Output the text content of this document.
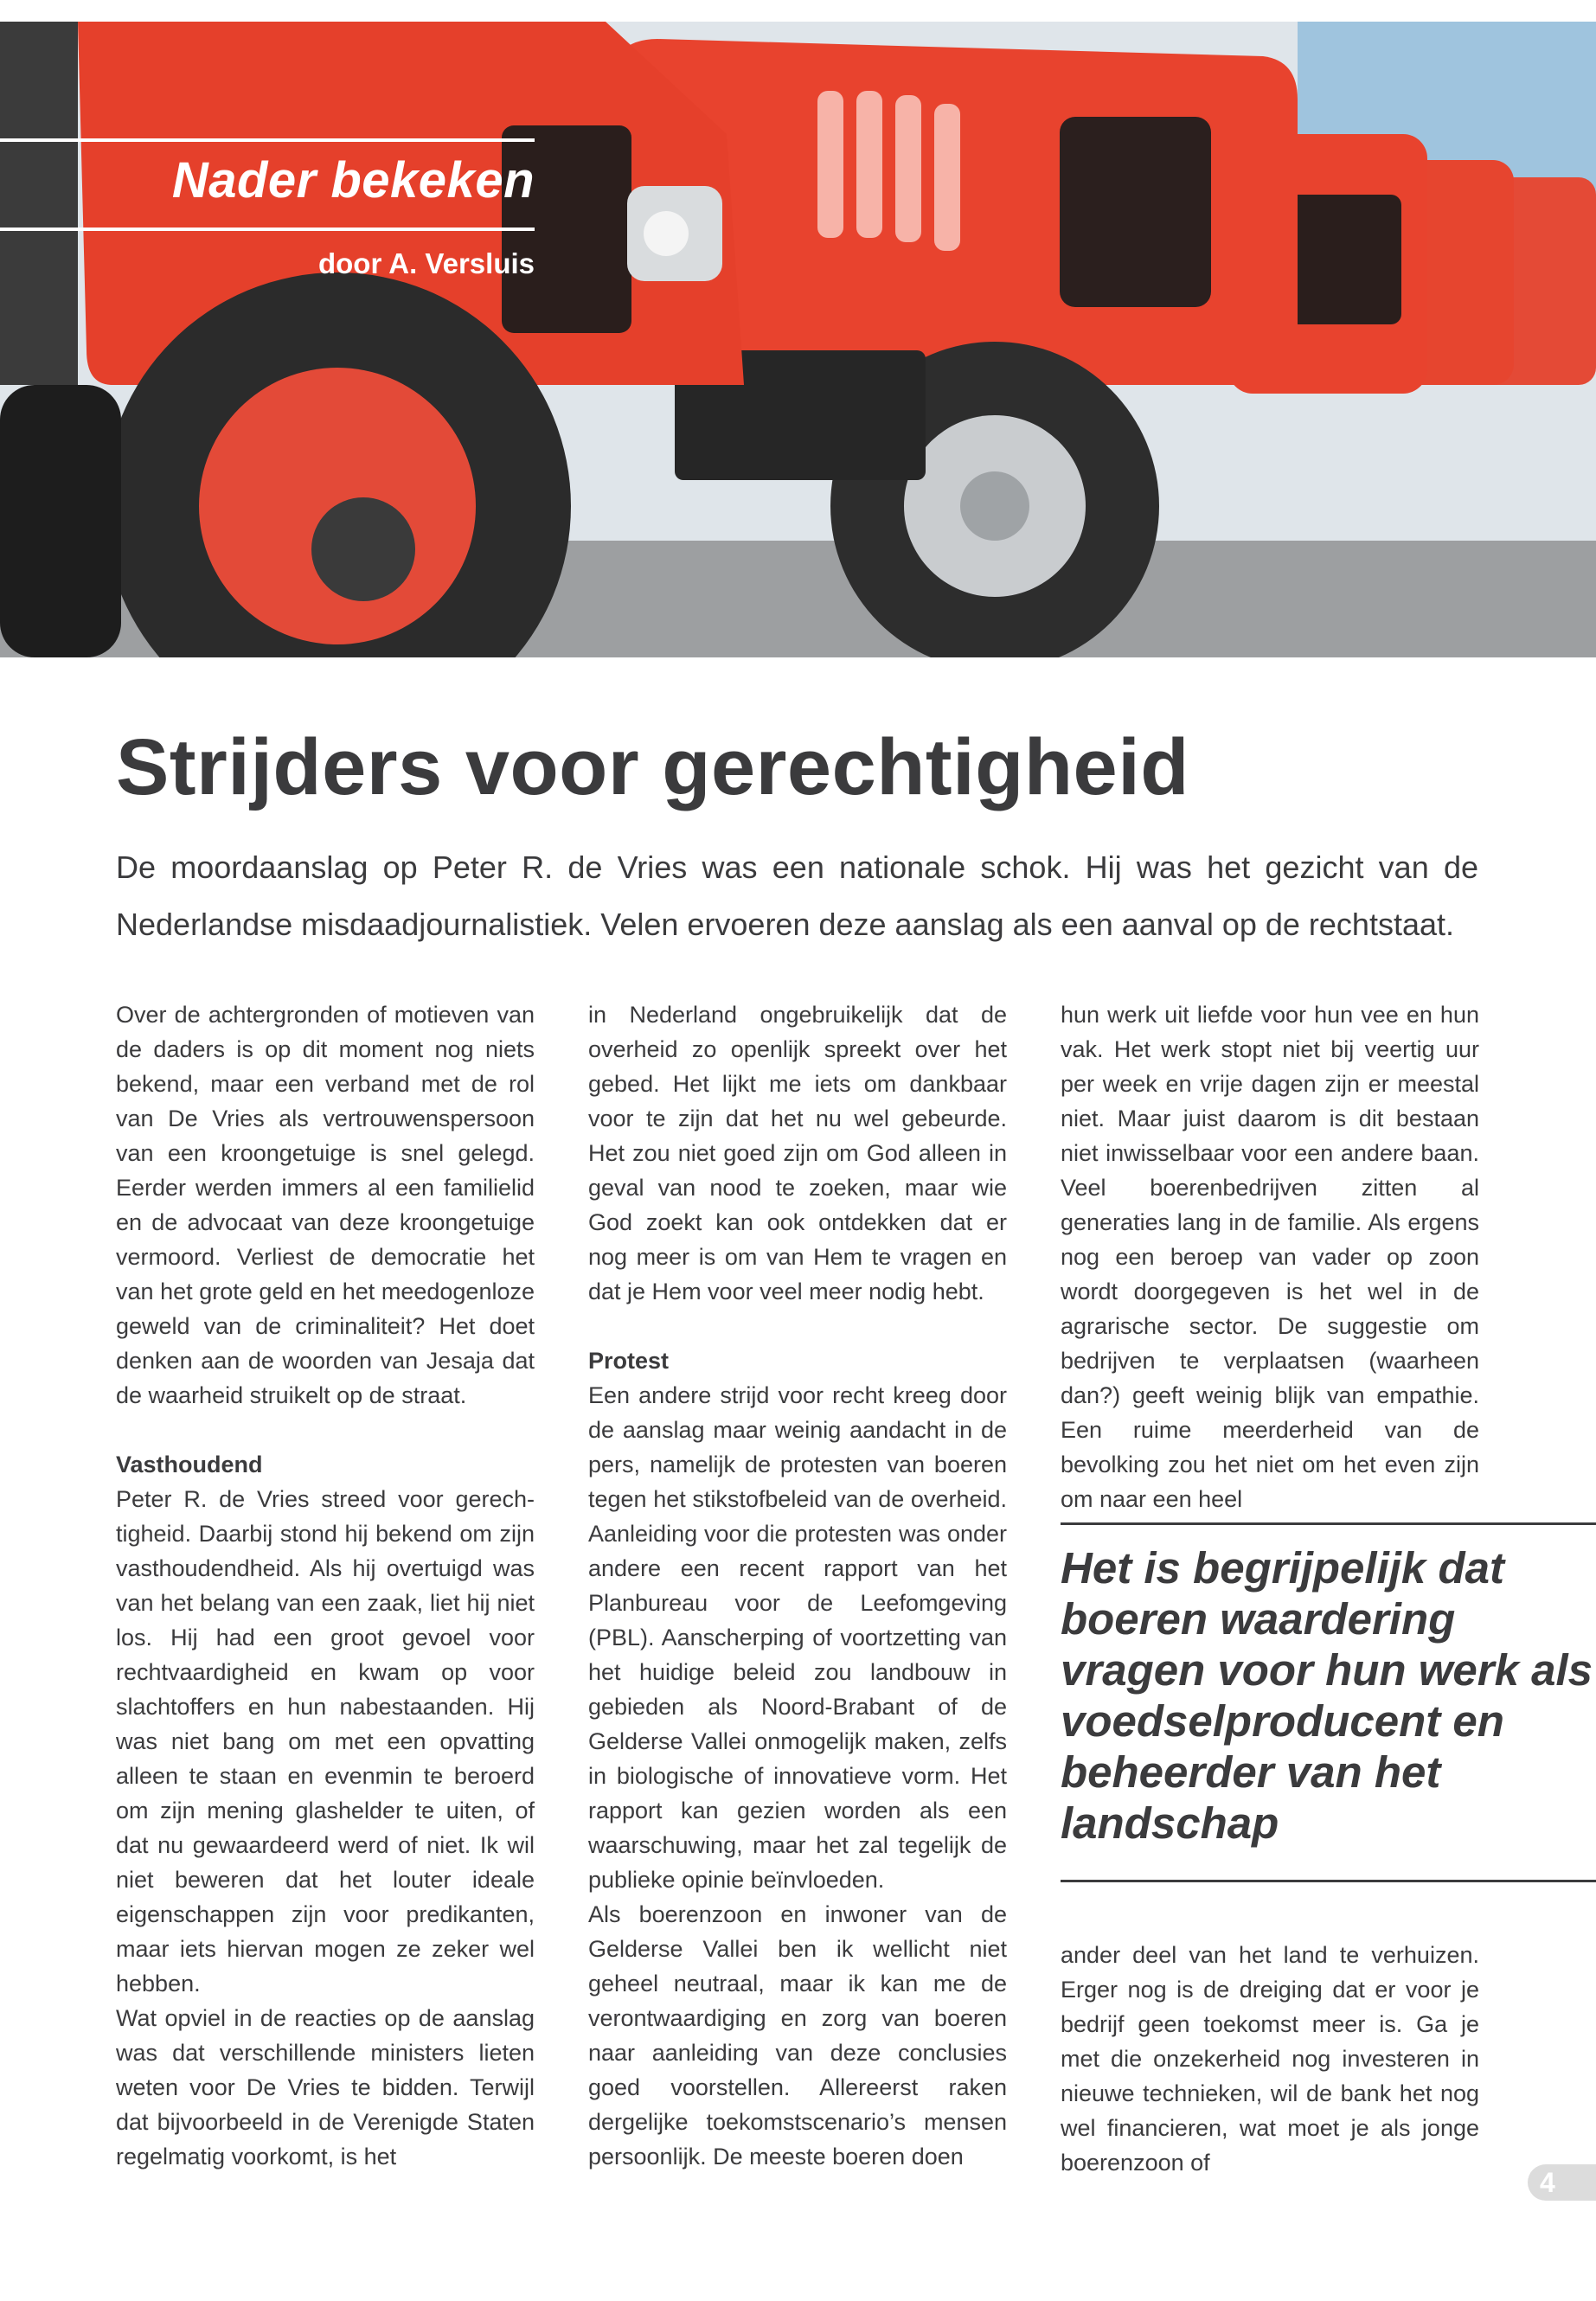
Nader bekeken
door A. Versluis
Strijders voor gerechtigheid

De moordaanslag op Peter R. de Vries was een nationale schok. Hij was het gezicht van de Nederlandse misdaadjournalistiek. Velen ervoeren deze aanslag als een aanval op de rechtstaat.

Over de achtergronden of motieven van de daders is op dit moment nog niets bekend, maar een verband met de rol van De Vries als vertrouwenspersoon van een kroongetuige is snel gelegd. Eerder werden immers al een familielid en de advocaat van deze kroongetuige vermoord. Verliest de democratie het van het grote geld en het meedogenloze geweld van de criminaliteit? Het doet denken aan de woorden van Jesaja dat de waarheid struikelt op de straat.

Vasthoudend

Peter R. de Vries streed voor gerech-tigheid. Daarbij stond hij bekend om zijn vasthoudendheid. Als hij overtuigd was van het belang van een zaak, liet hij niet los. Hij had een groot gevoel voor rechtvaardigheid en kwam op voor slachtoffers en hun nabestaanden. Hij was niet bang om met een opvatting alleen te staan en evenmin te beroerd om zijn mening glashelder te uiten, of dat nu gewaardeerd werd of niet. Ik wil niet beweren dat het louter ideale eigenschappen zijn voor predikanten, maar iets hiervan mogen ze zeker wel hebben.

Wat opviel in de reacties op de aanslag was dat verschillende ministers lieten weten voor De Vries te bidden. Terwijl dat bijvoorbeeld in de Verenigde Staten regelmatig voorkomt, is het

in Nederland ongebruikelijk dat de overheid zo openlijk spreekt over het gebed. Het lijkt me iets om dankbaar voor te zijn dat het nu wel gebeurde. Het zou niet goed zijn om God alleen in geval van nood te zoeken, maar wie God zoekt kan ook ontdekken dat er nog meer is om van Hem te vragen en dat je Hem voor veel meer nodig hebt.

Protest

Een andere strijd voor recht kreeg door de aanslag maar weinig aandacht in de pers, namelijk de protesten van boeren tegen het stikstofbeleid van de overheid. Aanleiding voor die protesten was onder andere een recent rapport van het Planbureau voor de Leefomgeving (PBL). Aanscherping of voortzetting van het huidige beleid zou landbouw in gebieden als Noord-Brabant of de Gelderse Vallei onmogelijk maken, zelfs in biologische of innovatieve vorm. Het rapport kan gezien worden als een waarschuwing, maar het zal tegelijk de publieke opinie beïnvloeden.

Als boerenzoon en inwoner van de Gelderse Vallei ben ik wellicht niet geheel neutraal, maar ik kan me de verontwaardiging en zorg van boeren naar aanleiding van deze conclusies goed voorstellen. Allereerst raken dergelijke toekomstscenario’s mensen persoonlijk. De meeste boeren doen

hun werk uit liefde voor hun vee en hun vak. Het werk stopt niet bij veertig uur per week en vrije dagen zijn er meestal niet. Maar juist daarom is dit bestaan niet inwisselbaar voor een andere baan. Veel boerenbedrijven zitten al generaties lang in de familie. Als ergens nog een beroep van vader op zoon wordt doorgegeven is het wel in de agrarische sector. De suggestie om bedrijven te verplaatsen (waarheen dan?) geeft weinig blijk van empathie. Een ruime meerderheid van de bevolking zou het niet om het even zijn om naar een heel

Het is begrijpelijk dat boeren waardering vragen voor hun werk als voedselproducent en beheerder van het landschap

ander deel van het land te verhuizen. Erger nog is de dreiging dat er voor je bedrijf geen toekomst meer is. Ga je met die onzekerheid nog investeren in nieuwe technieken, wil de bank het nog wel financieren, wat moet je als jonge boerenzoon of

4
